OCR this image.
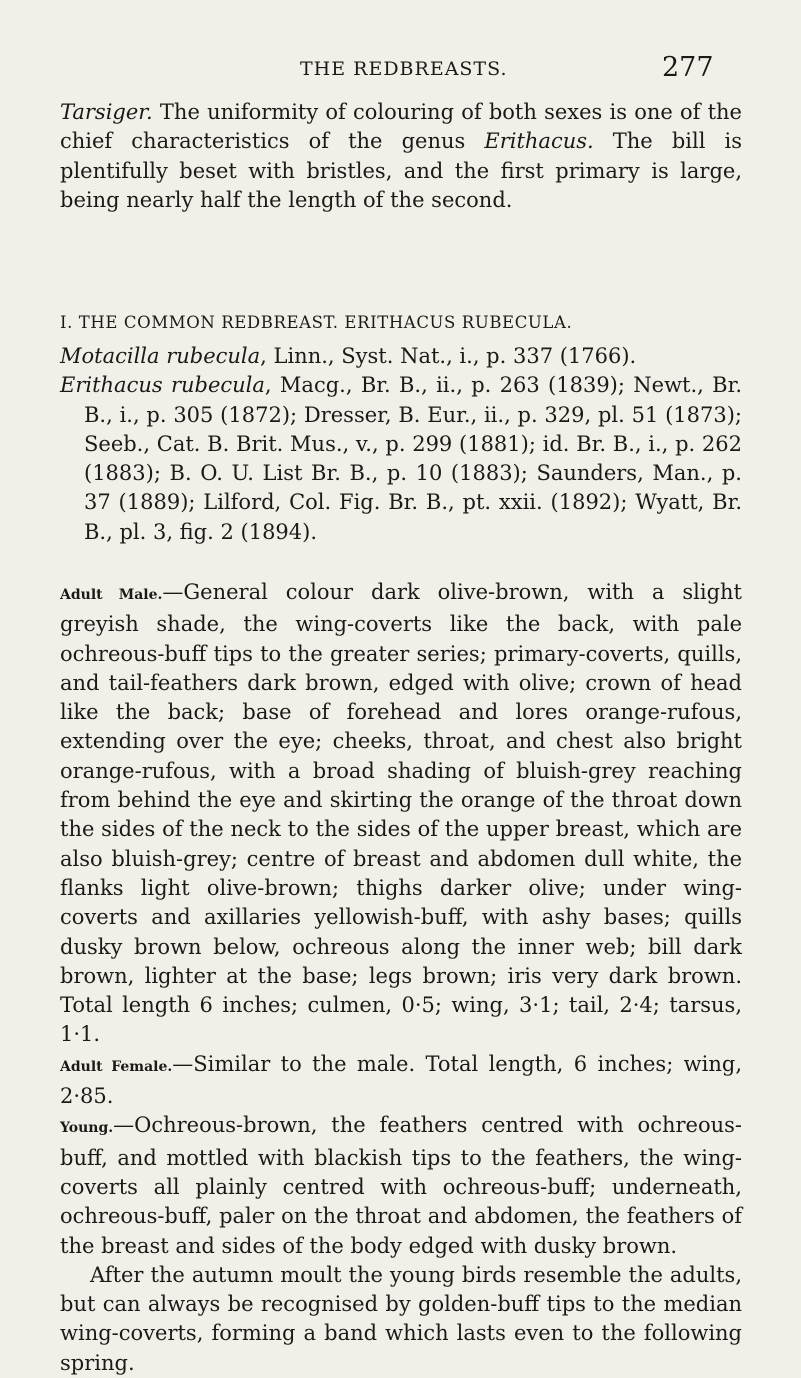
THE REDBREASTS.	277
Tarsiger. The uniformity of colouring of both sexes is one of the chief characteristics of the genus Erithacus. The bill is plentifully beset with bristles, and the first primary is large, being nearly half the length of the second.
I. THE COMMON REDBREAST. ERITHACUS RUBECULA.
Motacilla rubecula, Linn., Syst. Nat., i., p. 337 (1766).
Erithacus rubecula, Macg., Br. B., ii., p. 263 (1839); Newt., Br. B., i., p. 305 (1872); Dresser, B. Eur., ii., p. 329, pl. 51 (1873); Seeb., Cat. B. Brit. Mus., v., p. 299 (1881); id. Br. B., i., p. 262 (1883); B. O. U. List Br. B., p. 10 (1883); Saunders, Man., p. 37 (1889); Lilford, Col. Fig. Br. B., pt. xxii. (1892); Wyatt, Br. B., pl. 3, fig. 2 (1894).
Adult Male.—General colour dark olive-brown, with a slight greyish shade, the wing-coverts like the back, with pale ochreous-buff tips to the greater series; primary-coverts, quills, and tail-feathers dark brown, edged with olive; crown of head like the back; base of forehead and lores orange-rufous, extending over the eye; cheeks, throat, and chest also bright orange-rufous, with a broad shading of bluish-grey reaching from behind the eye and skirting the orange of the throat down the sides of the neck to the sides of the upper breast, which are also bluish-grey; centre of breast and abdomen dull white, the flanks light olive-brown; thighs darker olive; under wing-coverts and axillaries yellowish-buff, with ashy bases; quills dusky brown below, ochreous along the inner web; bill dark brown, lighter at the base; legs brown; iris very dark brown. Total length 6 inches; culmen, 0·5; wing, 3·1; tail, 2·4; tarsus, 1·1.
Adult Female.—Similar to the male. Total length, 6 inches; wing, 2·85.
Young.—Ochreous-brown, the feathers centred with ochreous-buff, and mottled with blackish tips to the feathers, the wing-coverts all plainly centred with ochreous-buff; underneath, ochreous-buff, paler on the throat and abdomen, the feathers of the breast and sides of the body edged with dusky brown.
After the autumn moult the young birds resemble the adults, but can always be recognised by golden-buff tips to the median wing-coverts, forming a band which lasts even to the following spring.
